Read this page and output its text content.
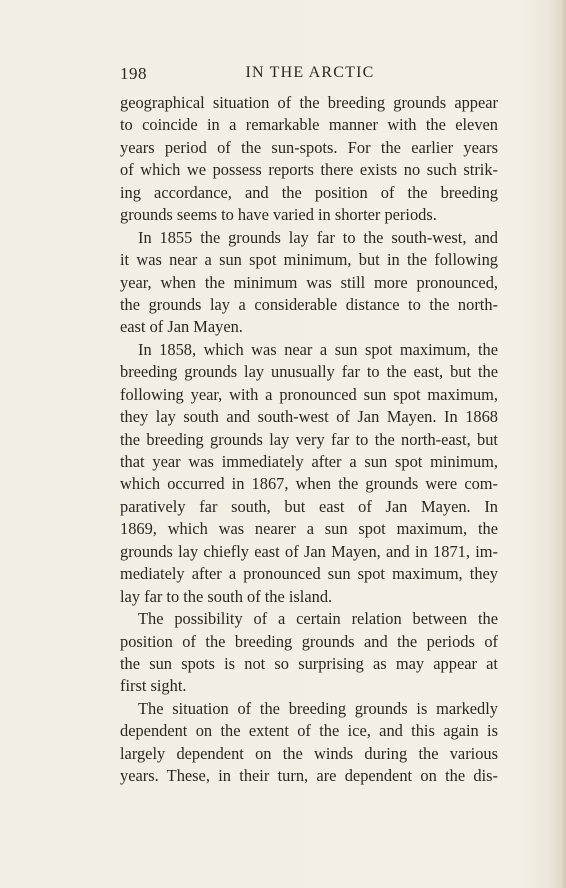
198	IN THE ARCTIC
geographical situation of the breeding grounds appear
to coincide in a remarkable manner with the eleven
years period of the sun-spots. For the earlier years
of which we possess reports there exists no such strik-
ing accordance, and the position of the breeding
grounds seems to have varied in shorter periods.
In 1855 the grounds lay far to the south-west, and
it was near a sun spot minimum, but in the following
year, when the minimum was still more pronounced,
the grounds lay a considerable distance to the north-
east of Jan Mayen.
In 1858, which was near a sun spot maximum, the
breeding grounds lay unusually far to the east, but the
following year, with a pronounced sun spot maximum,
they lay south and south-west of Jan Mayen. In 1868
the breeding grounds lay very far to the north-east, but
that year was immediately after a sun spot minimum,
which occurred in 1867, when the grounds were com-
paratively far south, but east of Jan Mayen. In
1869, which was nearer a sun spot maximum, the
grounds lay chiefly east of Jan Mayen, and in 1871, im-
mediately after a pronounced sun spot maximum, they
lay far to the south of the island.
The possibility of a certain relation between the
position of the breeding grounds and the periods of
the sun spots is not so surprising as may appear at
first sight.
The situation of the breeding grounds is markedly
dependent on the extent of the ice, and this again is
largely dependent on the winds during the various
years. These, in their turn, are dependent on the dis-
